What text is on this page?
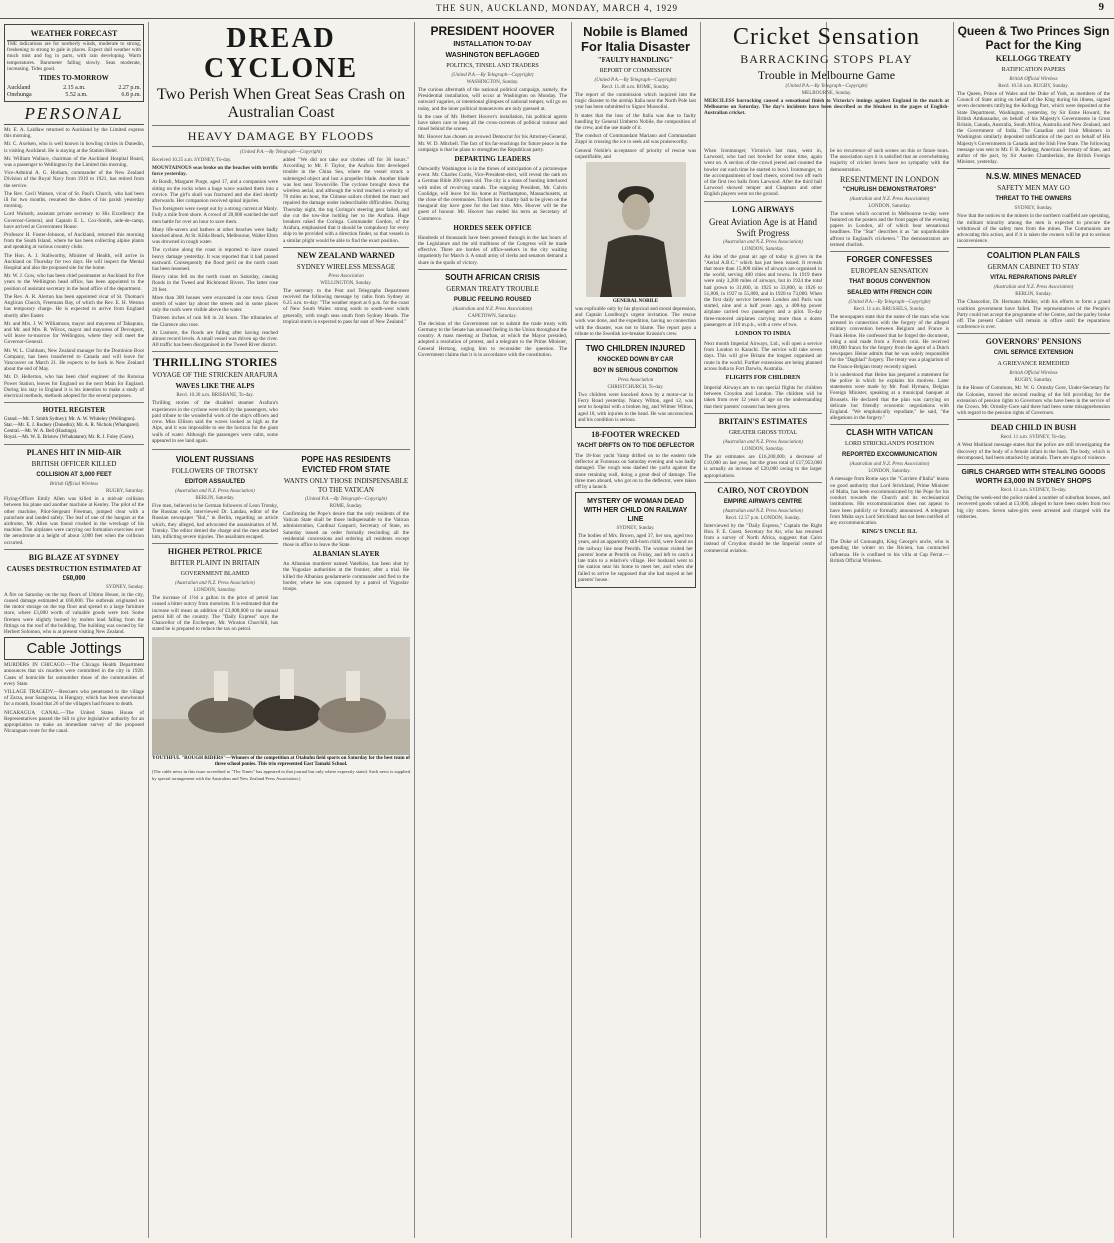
THE SUN, AUCKLAND, MONDAY, MARCH 4, 1929	9
WEATHER FORECAST

THE indications are for northerly winds, moderate to strong, freshening to strong to gale in places. Expect dull weather with much mist and fog in parts, with rain developing. Warm temperatures. Barometer falling slowly. Seas moderate, increasing. Tides good.

TIDES TO-MORROW
Auckland	2.15 a.m.	2.27 p.m.
Onehunga	5.52 a.m.	6.8 p.m.
PERSONAL

Mr. E. A. Laidlaw returned to Auckland by the Limited express this morning.

Mr. C. Axelsen, who is well known in bowling circles in Dunedin, is visiting Auckland. He is staying at the Station Hotel.

Mr. William Wallace, chairman of the Auckland Hospital Board, was a passenger to Wellington by the Limited this morning.

Vice-Admiral A. G. Hotham, commander of the New Zealand Division of the Royal Navy from 1919 to 1921, has retired from the service.

The Rev. Cecil Watson, vicar of St. Paul's Church, who had been ill for two months, resumed the duties of his parish yesterday morning.

Lord Walsoth, assistant private secretary to His Excellency the Governor-General, and Captain E. L. Cox-Smith, aide-de-camp, have arrived at Government House.

Professor H. Foster-Johnson, of Auckland, returned this morning from the South Island, where he has been collecting alpine plants and speaking at various country clubs.

The Hon. A. J. Stallworthy, Minister of Health, will arrive in Auckland on Thursday for two days. He will inspect the Mental Hospital and also the proposed site for the home.

Mr. W. J. Gow, who has been chief postmaster at Auckland for five years to the Wellington head office, has been appointed to the position of assistant secretary in the head office of the department.

The Rev. A. R. Alerton has been appointed vicar of St. Thomas's Anglican Church, Freemans Bay, of which the Rev. E. H. Weston has temporary charge. He is expected to arrive from England shortly after Easter.

Mr. and Mrs. J. W. Williamson, mayor and mayoress of Takapuna, and Mr. and Mrs. R. Wilcox, mayor and mayoress of Devonport, will leave to-morrow for Wellington, where they will meet the Governor-General.

Mr. W. L. Clubham, New Zealand manager for the Dominion Boot Company, has been transferred to Canada and will leave for Vancouver on March 21. He expects to be back in New Zealand about the end of May.

Mr. D. Hellerton, who has been chief engineer of the Rotorua Power Station, leaves for England on the next Main for England. During his stay in England it is his intention to make a study of electrical methods, methods adopted for the several purposes.

HOTEL REGISTER
Grand.—Mr. T. Smith Sydney); Mr. A. W. Whiteley (Wellington).
Star.—Mr. E. J. Rodney (Dunedin); Mr. A. R. Nichols (Whangarei).
Central.—Mr. W. A. Bell (Hastings).
Royal.—Mr. W. E. Bristow (Whakatane); Mr. R. J. Foley (Gore).
PLANES HIT IN MID-AIR
BRITISH OFFICER KILLED
COLLISION AT 3,000 FEET
British Official Wireless
RUGBY, Saturday.

Flying-Officer Emily Allen was killed in a mid-air collision between his plane and another machine at Kenley. The pilot of the other machine, Pilot-Sergeant Freeman, jumped clear with a parachute and landed safely. The leaf of one of the hangars at the airdrome, Mr. Allen was found crushed in the wreckage of his machine. The airplanes were carrying out formation exercises over the aerodrome at a height of about 3,000 feet when the collision occurred.

BIG BLAZE AT SYDNEY
CAUSES DESTRUCTION ESTIMATED AT £60,000
SYDNEY, Sunday.

A fire on Saturday on the top floors of Ultimo House, in the city, caused damage estimated at £60,000. The outbreak originated on the motor storage on the top floor and spread to a large furniture store, where £3,000 worth of valuable goods were lost. Some firemen were slightly burned by molten lead falling from the fittings on the roof of the building. The building was owned by Sir Herbert Solomon, who is at present visiting New Zealand.

Cable Jottings

MURDERS IN CHICAGO.—The Chicago Health Department announces that six murders were committed in the city in 1928. Cases of homicide far outnumber those of the communities of every State.

VILLAGE TRAGEDY.—Rescuers who penetrated to the village of Zarza, near Saragossa, in Hungary, which has been snowbound for a month, found that 26 of the villagers had frozen to death.

NICARAGUA CANAL.—The United States House of Representatives passed the bill to give legislative authority for an appropriation to make an immediate survey of the proposed Nicaraguan route for the canal.

DREAD CYCLONE
Two Perish When Great Seas Crash on Australian Coast
HEAVY DAMAGE BY FLOODS
(United P.A.—By Telegraph—Copyright)
Received 10.25 a.m. SYDNEY, To-day.

MOUNTAINOUS seas broke on the beaches with terrific force yesterday.

At Bondi, Margaret Purge, aged 17, and a companion were sitting on the rocks when a huge wave washed them into a crevice. The girl's skull was fractured and she died shortly afterwards. Her companion received spinal injuries.

Two foreigners were swept out by a strong current at Manly. Fully a mile from shore. A crowd of 20,000 watched the surf men battle for over an hour to save them.

Many life-savers and bathers at other beaches were badly knocked about. At St. Kilda Beach, Melbourne, Walter Elton was drowned in rough water.

The cyclone along the coast is reported to have caused heavy damage yesterday. It was reported that it had passed eastward. Consequently the flood peril on the north coast has been lessened.

Heavy rains fell on the north coast on Saturday, causing floods in the Tweed and Richmond Rivers. The latter rose 29 feet.

More than 300 houses were evacuated in one town. Great stretch of water lay about the streets and in some places only the roofs were visible above the water.

Thirteen inches of rain fell in 24 hours. The tributaries of the Clarence also rose.

At Lismore, the floods are falling after having reached almost record levels. A small vessel was driven up the river. All traffic has been disorganised in the Tweed River district.

THRILLING STORIES
VOYAGE OF THE STRICKEN ARAFURA
WAVES LIKE THE ALPS
Recd. 10.30 a.m. BRISBANE, To-day.

Thrilling stories of the disabled steamer Arafura's experiences in the cyclone were told by the passengers, who paid tribute to the wonderful work of the ship's officers and crew. Miss Ellison said the waves looked as high as the Alps, and it was impossible to see the horizon for the giant walls of water. Although the passengers were calm, some appeared to see land again.

added "We did not take our clothes off for 36 hours." According to Mr. F. Taylor, the Arafura first developed trouble in the China Sea, where the vessel struck a submerged object and lost a propeller blade. Another blade was lost near Townsville. The cyclone brought down the wireless aerial, and although the wind reached a velocity of 70 miles an hour, the Chinese sailors climbed the mast and repaired the damage under indescribable difficulties. During Thursday night, the tug Coringa's steering gear failed, and she cut the tow-line holding her to the Arafura. Huge breakers raked the Coringa. Commander Gordon, of the Arafura, emphasised that it should be compulsory for every ship to be provided with a direction finder, so that vessels in a similar plight would be able to find the exact position.

NEW ZEALAND WARNED
SYDNEY WIRELESS MESSAGE
Press Association
WELLINGTON, Sunday.

The secretary to the Post and Telegraphs Department received the following message by radio from Sydney at 6.25 a.m. to-day: "The weather report at 6 p.m. for the coast of New South Wales: strong south to south-west winds generally, with rough seas south from Sydney Heads. The tropical storm is expected to pass far east of New Zealand."

VIOLENT RUSSIANS
FOLLOWERS OF TROTSKY
EDITOR ASSAULTED
(Australian and N.Z. Press Association)
BERLIN, Saturday.

Five men, believed to be German followers of Leon Trotsky, the Russian exile, interviewed Dr. Landau, editor of the Russian newspaper "Rul," in Berlin, regarding an article which, they alleged, had advocated the assassination of M. Trotsky. The editor denied the charge and the men attacked him, inflicting severe injuries. The assailants escaped.

HIGHER PETROL PRICE
BITTER PLAINT IN BRITAIN
GOVERNMENT BLAMED
(Australian and N.Z. Press Association)
LONDON, Saturday.

The increase of 1½d a gallon in the price of petrol has caused a bitter outcry from motorists. It is estimated that the increase will mean an addition of £3,000,000 to the annual petrol bill of the country. The "Daily Express" says the Chancellor of the Exchequer, Mr. Winston Churchill, has stated he is prepared to reduce the tax on petrol.

POPE HAS RESIDENTS EVICTED FROM STATE
WANTS ONLY THOSE INDISPENSABLE TO THE VATICAN
(United P.A.—By Telegraph—Copyright)
ROME, Sunday.

Confirming the Pope's desire that the only residents of the Vatican State shall be those indispensable to the Vatican administration, Cardinal Gasparri, Secretary of State, on Saturday issued an order formally rescinding all the residential concessions and ordering all residents except those in office to leave the State.

ALBANIAN SLAYER

An Albanian murderer named Vatelkiss, has been shot by the Yugoslav authorities at the frontier, after a trial. He killed the Albanian gendarmerie commander and fled to the border, where he was captured by a patrol of Yugoslav troops.

YOUTHFUL "ROUGH RIDERS"—Winners of the competition at Otahuhu field sports on Saturday for the best team of three school ponies. This trio represented East Tamaki School.

(The cable news in this issue accredited to "The Times" has appeared in that journal but only where expressly stated. Such news is supplied by special arrangement with the Australian and New Zealand Press Association.)

PRESIDENT HOOVER
INSTALLATION TO-DAY
WASHINGTON BEFLAGGED
POLITICS, TINSEL AND TRADERS
(United P.A.—By Telegraph—Copyright)
WASHINGTON, Sunday.

The curious aftermath of the national political campaign, namely, the Presidential installation, will occur at Washington on Monday. The outward vagaries, or intentional glimpses of national temper, will go on today, and the inner political manoeuvres are only guessed at.

In the case of Mr. Herbert Hoover's installation, his political agents have taken care to keep all the cross-currents of political rumour and tinsel behind the scenes.

Mr. Hoover has chosen an avowed Democrat for his Attorney-General, Mr. W. D. Mitchell. The fact of his far-reachings for future peace in the campaign is that he plans to strengthen the Republican party.

DEPARTING LEADERS

Outwardly Washington is in the throes of anticipation of a picturesque event. Mr. Charles Curtis, Vice-President-elect, will reveal the oath on a German Bible 200 years old. The city is a mass of bunting interlaced with miles of revolving stands. The outgoing President, Mr. Calvin Coolidge, will leave for his home at Northampton, Massachusetts, at the close of the ceremonies. Tickets for a charity ball to be given on the inaugural day have gone for the last time. Mrs. Hoover will be the guest of honour. Mr. Hoover has ended his term as Secretary of Commerce.

HORDES SEEK OFFICE

Hundreds of thousands have been pressed through in the last hours of the Legislature and the old traditions of the Congress will be made effective. There are hordes of office-seekers in the city waiting impatiently for March 4. A small army of clerks and senators demand a share in the spoils of victory.

SOUTH AFRICAN CRISIS
GERMAN TREATY TROUBLE
PUBLIC FEELING ROUSED
(Australian and N.Z. Press Association)
CAPETOWN, Saturday.

The decision of the Government not to submit the trade treaty with Germany to the Senate has aroused feeling in the Union throughout the country. A mass meeting at Durban, at which the Mayor presided, adopted a resolution of protest, and a telegram to the Prime Minister, General Hertzog, urging him to reconsider the question. The Government claims that it is in accordance with the constitution.

Nobile is Blamed For Italia Disaster
"FAULTY HANDLING"
REPORT OF COMMISSION
(United P.A.—By Telegraph—Copyright)
Recd. 11.40 a.m. ROME, Sunday.

The report of the commission which inquired into the tragic disaster to the airship Italia near the North Pole last year has been submitted to Signor Mussolini.

It states that the loss of the Italia was due to faulty handling by General Umberto Nobile, the composition of the crew, and the use made of it.

The conduct of Commandant Mariano and Commandant Zappi in crossing the ice to seek aid was praiseworthy.

General Nobile's acceptance of priority of rescue was unjustifiable, and

GENERAL NOBILE

was explicable only by his physical and moral depression, and Captain Lundborg's urgent invitation. The rescue work was done, and the expedition, having no connection with the disaster, was not to blame. The report pays a tribute to the Swedish ice-breaker Krassin's crew.

TWO CHILDREN INJURED
KNOCKED DOWN BY CAR
BOY IN SERIOUS CONDITION
Press Association
CHRISTCHURCH, To-day.

Two children were knocked down by a motor-car in Ferry Road yesterday. Nancy Wilton, aged 12, was sent to hospital with a broken leg, and Wilmer Wilton, aged 10, with injuries to the head. He was unconscious and his condition is serious.

18-FOOTER WRECKED
YACHT DRIFTS ON TO TIDE DEFLECTOR

The 18-foot yacht Vamp drifted on to the eastern tide deflector at Furneaux on Saturday evening and was badly damaged. The rough seas dashed the yacht against the stone retaining wall, doing a great deal of damage. The three men aboard, who got on to the deflector, were taken off by a launch.

MYSTERY OF WOMAN DEAD WITH HER CHILD ON RAILWAY LINE
SYDNEY, Sunday.

The bodies of Mrs. Brown, aged 37, her son, aged two years, and an apparently still-born child, were found on the railway line near Penrith. The woman visited her parents' home at Penrith on Friday, and left to catch a late train to a relative's village. Her husband went to the station near his home to meet her, and when she failed to arrive he supposed that she had stayed at her parents' house.

Cricket Sensation
BARRACKING STOPS PLAY
Trouble in Melbourne Game
(United P.A.—By Telegraph—Copyright)
MELBOURNE, Sunday.

MERCILESS barracking caused a sensational finish to Victoria's innings against England in the match at Melbourne on Saturday. The day's incidents have been described as the bleakest in the pages of English-Australian cricket.

When Ironmonger, Victoria's last man, went in, Larwood, who had not bowled for some time, again went on. A section of the crowd jeered and counted the bowler out each time he started to bowl. Ironmonger, to the accompaniment of loud cheers, scored two off each of the first two balls from Larwood. After the third ball Larwood showed temper and Chapman and other English players went on the ground.

LONG AIRWAYS
Great Aviation Age is at Hand
Swift Progress
(Australian and N.Z. Press Association)
LONDON, Saturday.

An idea of the great air age of today is given in the "Aerial A.B.C." which has just been issued. It reveals that more than 15,000 miles of airways are organised in the world, serving 400 cities and towns. In 1919 there were only 3,200 miles of airways, but in 1924 the total had grown to 31,600, in 1925 to 33,800, in 1926 to 51,800, in 1927 to 55,800, and in 1928 to 73,000. When the first daily service between London and Paris was started, nine and a half years ago, a 400-hp power airplane carried two passengers and a pilot. To-day three-motored airplanes carrying more than a dozen passengers at 110 m.p.h., with a crew of two.

LONDON TO INDIA

Next month Imperial Airways, Ltd., will open a service from London to Karachi. The service will take seven days. This will give Britain the longest organised air route in the world. Further extensions are being planned across India to Fort Darwin, Australia.

FLIGHTS FOR CHILDREN

Imperial Airways are to run special flights for children between Croydon and London. The children will be taken from over 12 years of age on the understanding that their parents' consent has been given.

BRITAIN'S ESTIMATES
GREATER GROSS TOTAL
(Australian and N.Z. Press Association)
LONDON, Saturday.

The air estimates are £16,200,000, a decrease of £10,000 on last year, but the gross total of £17,953,000 is actually an increase of £20,000 owing to the larger appropriations.

CAIRO, NOT CROYDON
EMPIRE AIRWAYS CENTRE
(Australian and N.Z. Press Association)
Recd. 12.57 p.m. LONDON, Sunday.

Interviewed by the "Daily Express," Captain the Right Hon. F. E. Guest, Secretary for Air, who has returned from a survey of North Africa, suggests that Cairo instead of Croydon should be the Imperial centre of commercial aviation.

be no recurrence of such scenes on this or future tours. The association says it is satisfied that an overwhelming majority of cricket lovers have no sympathy with the demonstration.

RESENTMENT IN LONDON
"CHURLISH DEMONSTRATORS"
(Australian and N.Z. Press Association)
LONDON, Saturday.

The scenes which occurred in Melbourne to-day were featured on the posters and the front pages of the evening papers in London, all of which bear sensational headlines. The "Star" describes it as "an unpardonable affront to England's cricketers." The demonstrators are termed churlish.

FORGER CONFESSES
EUROPEAN SENSATION
THAT BOGUS CONVENTION
SEALED WITH FRENCH COIN
(United P.A.—By Telegraph—Copyright)
Recd. 11 a.m. BRUSSELS, Sunday.

The newspapers state that the name of the man who was arrested in connection with the forgery of the alleged military convention between Belgium and France is Frank Heine. He confessed that he forged the document, using a seal made from a French coin. He received 100,000 francs for the forgery from the agent of a Dutch newspaper. Heine admits that he was solely responsible for the "Dagblad" forgery. The treaty was a plagiarism of the Franco-Belgian treaty recently signed.

It is understood that Heine has prepared a statement for the police in which he explains his motives. Later statements were made by Mr. Paul Hymans, Belgian Foreign Minister, speaking at a municipal banquet at Brussels. He declared that the plan was carrying on delicate but friendly economic negotiations with England. "We emphatically repudiate," he said, "the allegations in the forgery."

CLASH WITH VATICAN
LORD STRICKLAND'S POSITION
REPORTED EXCOMMUNICATION
(Australian and N.Z. Press Association)
LONDON, Saturday.

A message from Rome says the "Corriere d'Italia" learns on good authority that Lord Strickland, Prime Minister of Malta, has been excommunicated by the Pope for his conduct towards the Church and its ecclesiastical institutions. His excommunication does not appear to have been publicly or formally announced. A telegram from Malta says Lord Strickland has not been notified of any excommunication.

KING'S UNCLE ILL

The Duke of Connaught, King George's uncle, who is spending the winter on the Riviera, has contracted influenza. He is confined to his villa at Cap Ferrat.—British Official Wireless.

Queen & Two Princes Sign Pact for the King
KELLOGG TREATY
RATIFICATION PAPERS
British Official Wireless
Recd. 10.50 a.m. RUGBY, Sunday.

The Queen, Prince of Wales and the Duke of York, as members of the Council of State acting on behalf of the King during his illness, signed seven documents ratifying the Kellogg Pact, which were deposited at the State Department, Washington, yesterday, by Sir Esme Howard, the British Ambassador, on behalf of his Majesty's Governments in Great Britain, Canada, Australia, South Africa, Australia and New Zealand, and the Government of India. The Canadian and Irish Ministers in Washington similarly deposited ratification of the pact on behalf of His Majesty's Governments in Canada and the Irish Free State. The following message was sent to Mr. F. B. Kellogg, American Secretary of State, and author of the pact, by Sir Austen Chamberlain, the British Foreign Minister, yesterday.

N.S.W. MINES MENACED
SAFETY MEN MAY GO
THREAT TO THE OWNERS
SYDNEY, Sunday.

Now that the notices to the miners in the northern coalfield are operating, the militant minority among the men is expected to procure the withdrawal of the safety men from the mines. The Communists are advocating this action, and if it is taken the owners will be put to serious inconvenience.

COALITION PLAN FAILS
GERMAN CABINET TO STAY
VITAL REPARATIONS PARLEY
(Australian and N.Z. Press Association)
BERLIN, Sunday.

The Chancellor, Dr. Hermann Muller, with his efforts to form a grand coalition government have failed. The representatives of the People's Party could not accept the programme of the Centre, and the parley broke off. The present Cabinet will remain in office until the reparations conference is over.

GOVERNORS' PENSIONS
CIVIL SERVICE EXTENSION
A GRIEVANCE REMEDIED
British Official Wireless
RUGBY, Saturday.

In the House of Commons, Mr. W. G. Ormsby Gore, Under-Secretary for the Colonies, moved the second reading of the bill providing for the extension of pension rights to Governors who have been in the service of the Crown. Mr. Ormsby-Gore said there had been some misapprehension with regard to the pension rights of Governors.

DEAD CHILD IN BUSH
Recd. 11 a.m. SYDNEY, To-day.

A West Maitland message states that the police are still investigating the discovery of the body of a female infant in the bush. The body, which is decomposed, had been attacked by animals. There are signs of violence.

GIRLS CHARGED WITH STEALING GOODS WORTH £3,000 IN SYDNEY SHOPS
Recd. 11 a.m. SYDNEY, To-day.

During the week-end the police raided a number of suburban houses, and recovered goods valued at £3,000, alleged to have been stolen from two big city stores. Seven sales-girls were arrested and charged with the robberies.
